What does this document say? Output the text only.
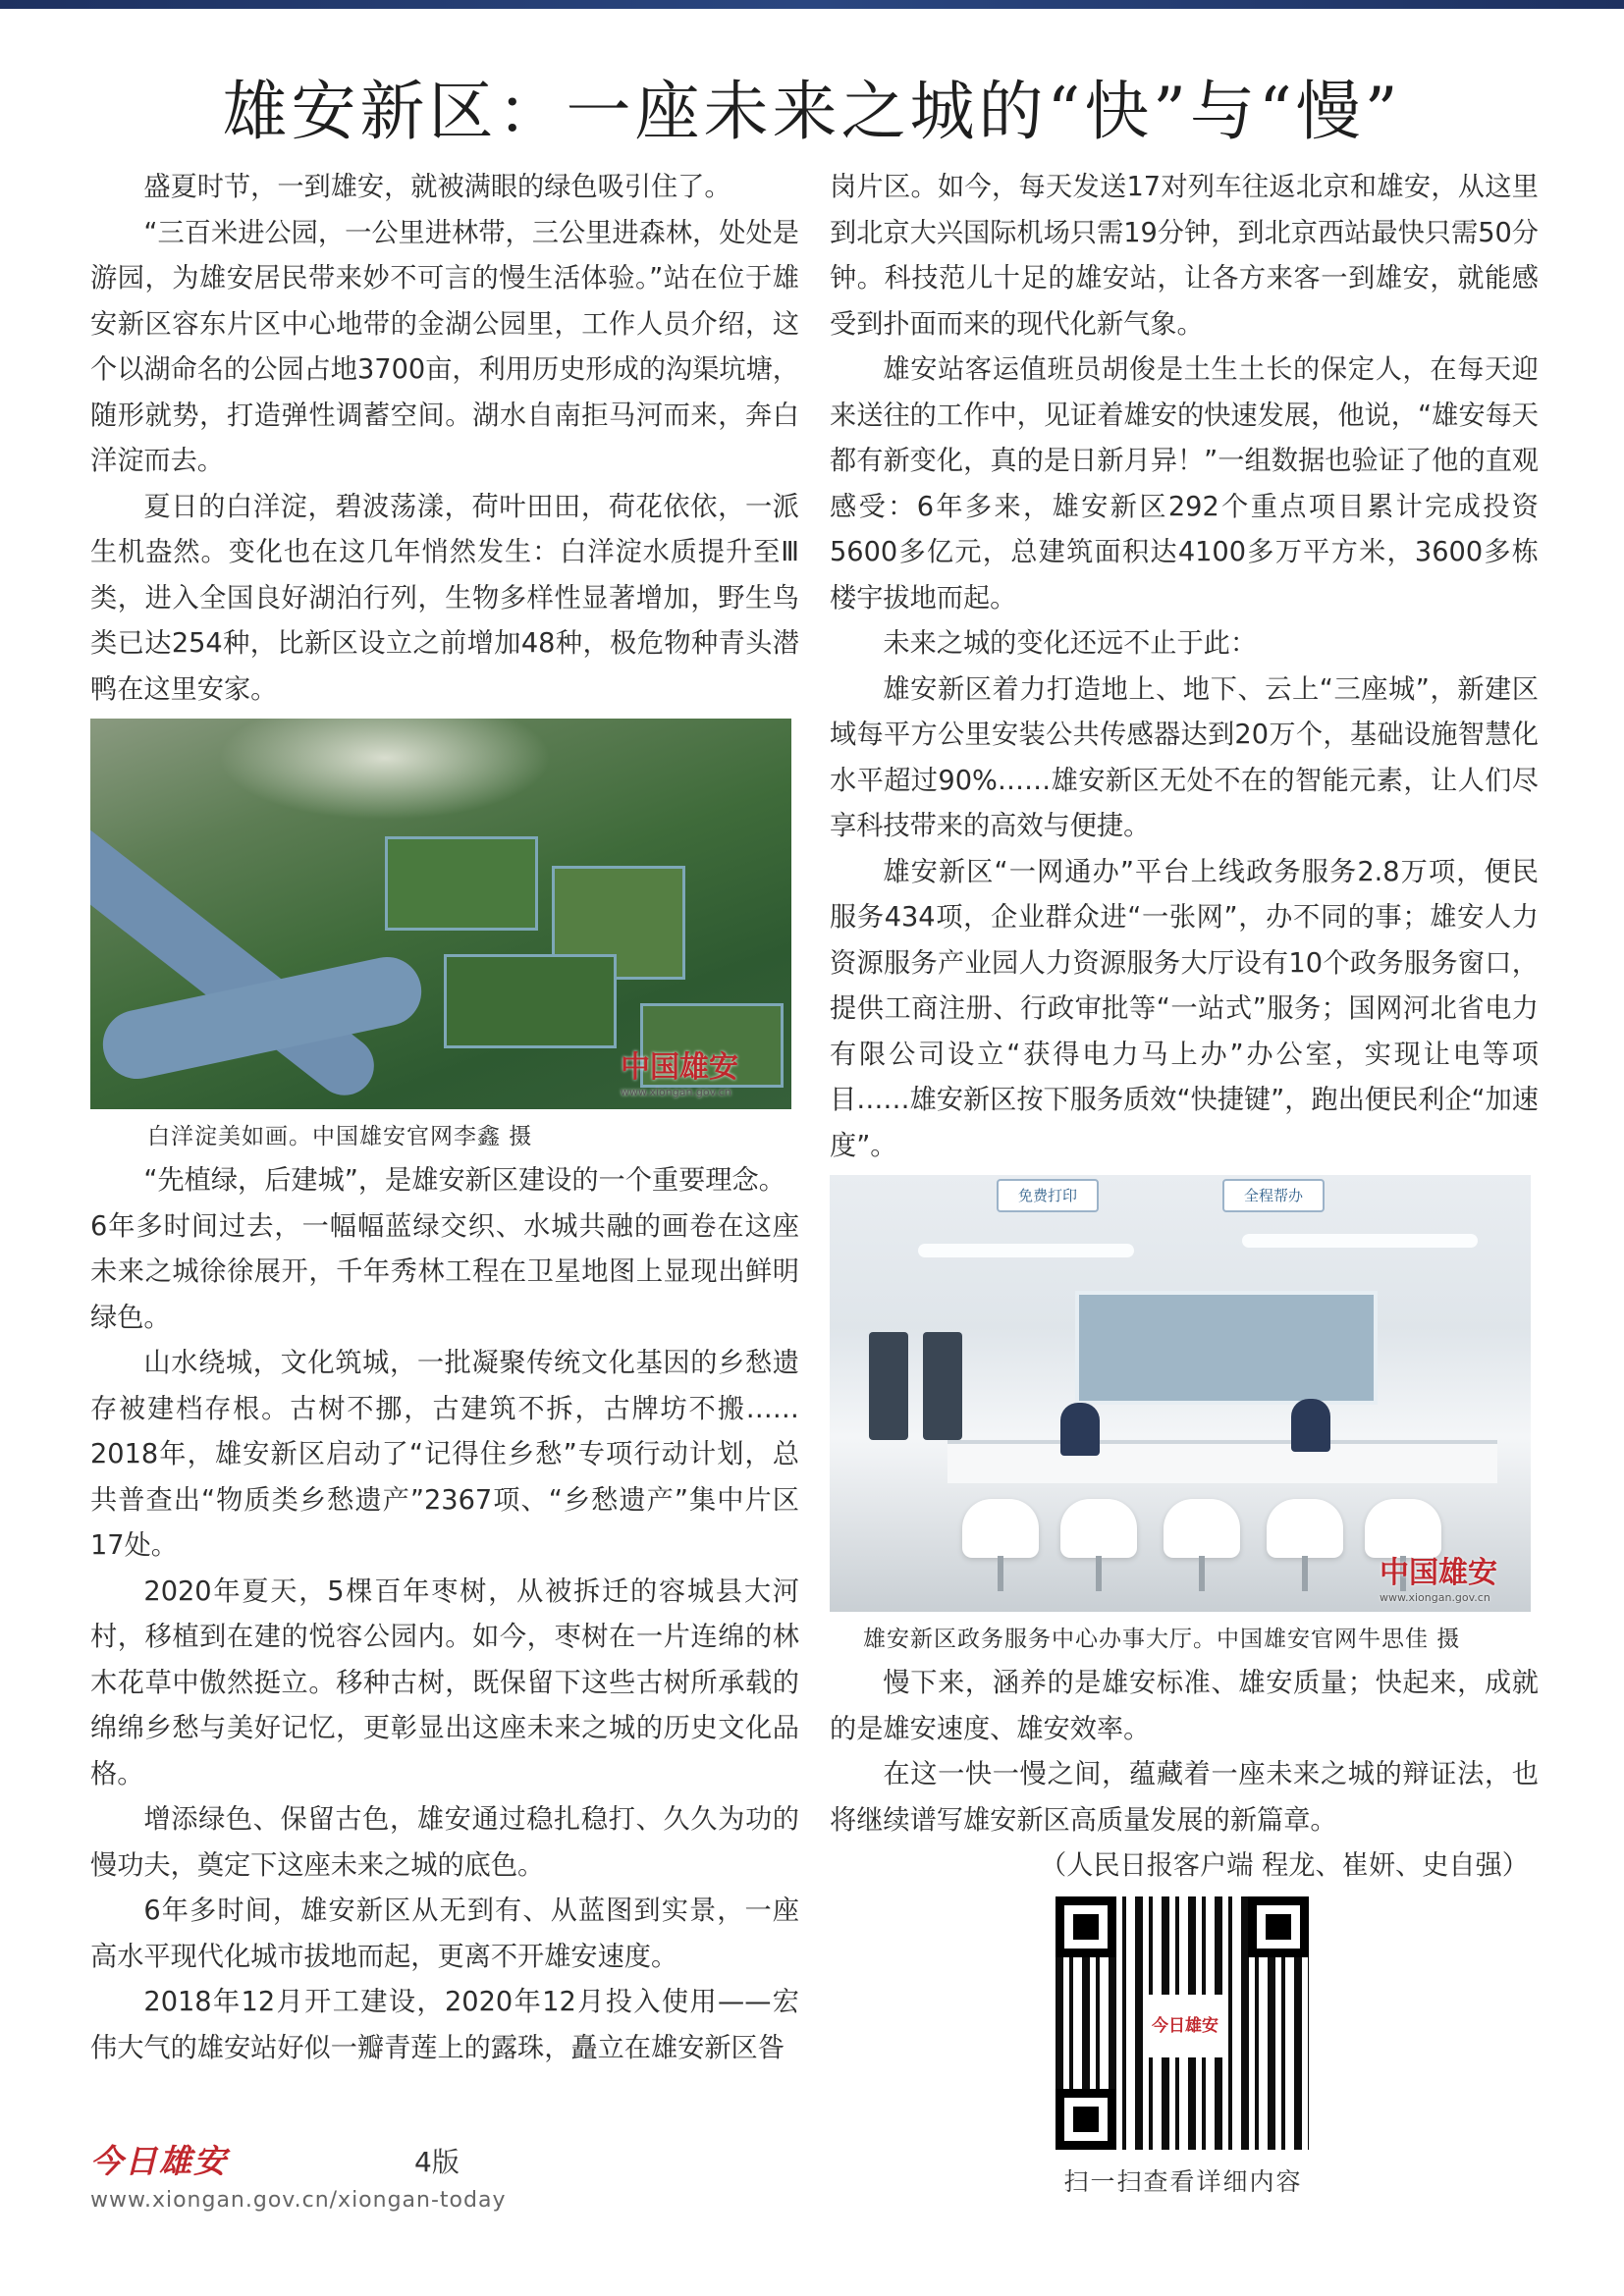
雄安新区：一座未来之城的“快”与“慢”

盛夏时节，一到雄安，就被满眼的绿色吸引住了。

“三百米进公园，一公里进林带，三公里进森林，处处是游园，为雄安居民带来妙不可言的慢生活体验。”站在位于雄安新区容东片区中心地带的金湖公园里，工作人员介绍，这个以湖命名的公园占地3700亩，利用历史形成的沟渠坑塘，随形就势，打造弹性调蓄空间。湖水自南拒马河而来，奔白洋淀而去。

夏日的白洋淀，碧波荡漾，荷叶田田，荷花依依，一派生机盎然。变化也在这几年悄然发生：白洋淀水质提升至Ⅲ类，进入全国良好湖泊行列，生物多样性显著增加，野生鸟类已达254种，比新区设立之前增加48种，极危物种青头潜鸭在这里安家。

中国雄安
www.xiongan.gov.cn
白洋淀美如画。中国雄安官网李鑫 摄

“先植绿，后建城”，是雄安新区建设的一个重要理念。

6年多时间过去，一幅幅蓝绿交织、水城共融的画卷在这座未来之城徐徐展开，千年秀林工程在卫星地图上显现出鲜明绿色。

山水绕城，文化筑城，一批凝聚传统文化基因的乡愁遗存被建档存根。古树不挪，古建筑不拆，古牌坊不搬……2018年，雄安新区启动了“记得住乡愁”专项行动计划，总共普查出“物质类乡愁遗产”2367项、“乡愁遗产”集中片区17处。

2020年夏天，5棵百年枣树，从被拆迁的容城县大河村，移植到在建的悦容公园内。如今，枣树在一片连绵的林木花草中傲然挺立。移种古树，既保留下这些古树所承载的绵绵乡愁与美好记忆，更彰显出这座未来之城的历史文化品格。

增添绿色、保留古色，雄安通过稳扎稳打、久久为功的慢功夫，奠定下这座未来之城的底色。

6年多时间，雄安新区从无到有、从蓝图到实景，一座高水平现代化城市拔地而起，更离不开雄安速度。

2018年12月开工建设，2020年12月投入使用——宏伟大气的雄安站好似一瓣青莲上的露珠，矗立在雄安新区昝

岗片区。如今，每天发送17对列车往返北京和雄安，从这里到北京大兴国际机场只需19分钟，到北京西站最快只需50分钟。科技范儿十足的雄安站，让各方来客一到雄安，就能感受到扑面而来的现代化新气象。

雄安站客运值班员胡俊是土生土长的保定人，在每天迎来送往的工作中，见证着雄安的快速发展，他说，“雄安每天都有新变化，真的是日新月异！”一组数据也验证了他的直观感受：6年多来，雄安新区292个重点项目累计完成投资5600多亿元，总建筑面积达4100多万平方米，3600多栋楼宇拔地而起。

未来之城的变化还远不止于此：

雄安新区着力打造地上、地下、云上“三座城”，新建区域每平方公里安装公共传感器达到20万个，基础设施智慧化水平超过90%……雄安新区无处不在的智能元素，让人们尽享科技带来的高效与便捷。

雄安新区“一网通办”平台上线政务服务2.8万项，便民服务434项，企业群众进“一张网”，办不同的事；雄安人力资源服务产业园人力资源服务大厅设有10个政务服务窗口，提供工商注册、行政审批等“一站式”服务；国网河北省电力有限公司设立“获得电力马上办”办公室，实现让电等项目……雄安新区按下服务质效“快捷键”，跑出便民利企“加速度”。

免费打印	全程帮办
中国雄安
www.xiongan.gov.cn
雄安新区政务服务中心办事大厅。中国雄安官网牛思佳 摄

慢下来，涵养的是雄安标准、雄安质量；快起来，成就的是雄安速度、雄安效率。

在这一快一慢之间，蕴藏着一座未来之城的辩证法，也将继续谱写雄安新区高质量发展的新篇章。

（人民日报客户端 程龙、崔妍、史自强）

今日雄安
扫一扫查看详细内容
今日雄安	4版
www.xiongan.gov.cn/xiongan-today
